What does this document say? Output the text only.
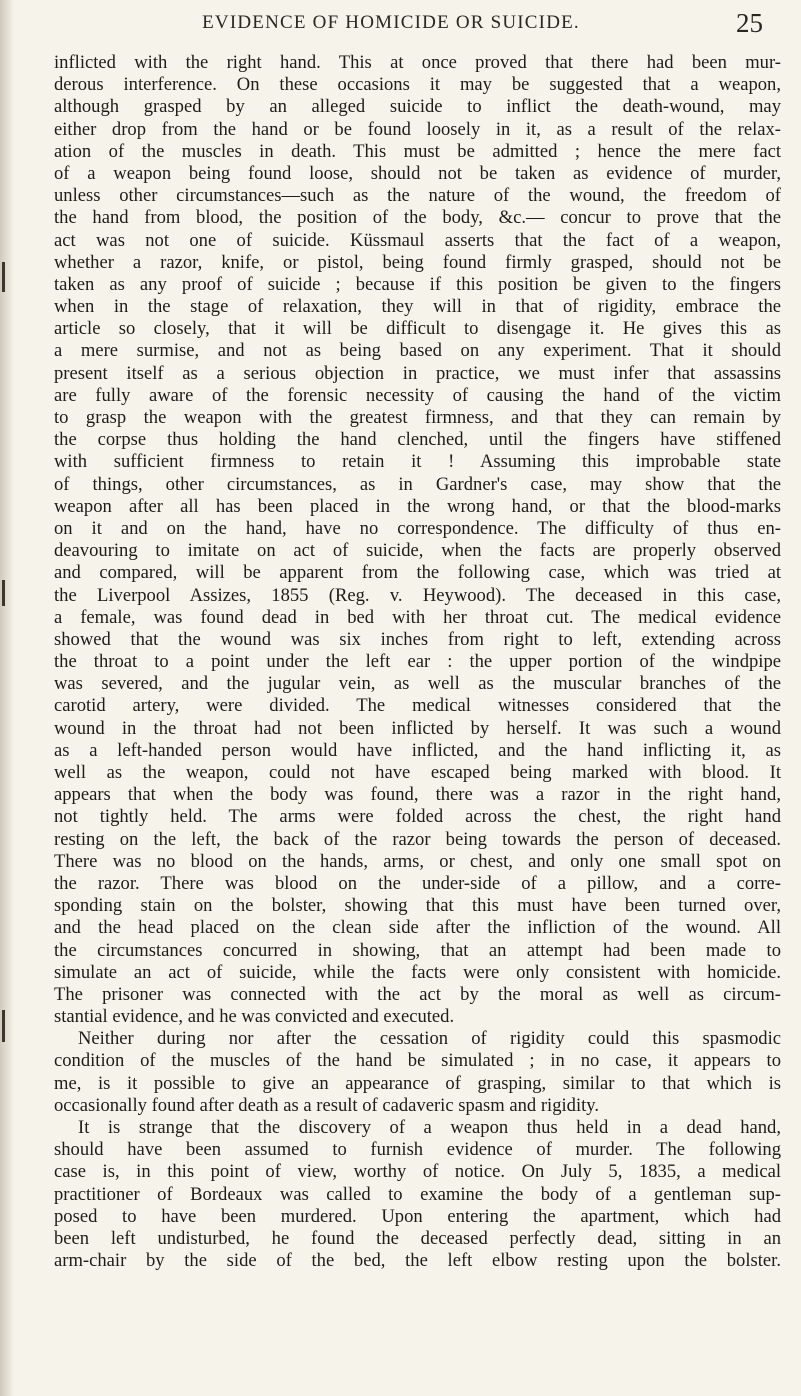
EVIDENCE OF HOMICIDE OR SUICIDE.	25
inflicted with the right hand. This at once proved that there had been mur-
derous interference. On these occasions it may be suggested that a weapon,
although grasped by an alleged suicide to inflict the death-wound, may
either drop from the hand or be found loosely in it, as a result of the relax-
ation of the muscles in death. This must be admitted ; hence the mere fact
of a weapon being found loose, should not be taken as evidence of murder,
unless other circumstances—such as the nature of the wound, the freedom of
the hand from blood, the position of the body, &c.— concur to prove that the
act was not one of suicide. Küssmaul asserts that the fact of a weapon,
whether a razor, knife, or pistol, being found firmly grasped, should not be
taken as any proof of suicide ; because if this position be given to the fingers
when in the stage of relaxation, they will in that of rigidity, embrace the
article so closely, that it will be difficult to disengage it. He gives this as
a mere surmise, and not as being based on any experiment. That it should
present itself as a serious objection in practice, we must infer that assassins
are fully aware of the forensic necessity of causing the hand of the victim
to grasp the weapon with the greatest firmness, and that they can remain by
the corpse thus holding the hand clenched, until the fingers have stiffened
with sufficient firmness to retain it ! Assuming this improbable state
of things, other circumstances, as in Gardner's case, may show that the
weapon after all has been placed in the wrong hand, or that the blood-marks
on it and on the hand, have no correspondence. The difficulty of thus en-
deavouring to imitate on act of suicide, when the facts are properly observed
and compared, will be apparent from the following case, which was tried at
the Liverpool Assizes, 1855 (Reg. v. Heywood). The deceased in this case,
a female, was found dead in bed with her throat cut. The medical evidence
showed that the wound was six inches from right to left, extending across
the throat to a point under the left ear : the upper portion of the windpipe
was severed, and the jugular vein, as well as the muscular branches of the
carotid artery, were divided. The medical witnesses considered that the
wound in the throat had not been inflicted by herself. It was such a wound
as a left-handed person would have inflicted, and the hand inflicting it, as
well as the weapon, could not have escaped being marked with blood. It
appears that when the body was found, there was a razor in the right hand,
not tightly held. The arms were folded across the chest, the right hand
resting on the left, the back of the razor being towards the person of deceased.
There was no blood on the hands, arms, or chest, and only one small spot on
the razor. There was blood on the under-side of a pillow, and a corre-
sponding stain on the bolster, showing that this must have been turned over,
and the head placed on the clean side after the infliction of the wound. All
the circumstances concurred in showing, that an attempt had been made to
simulate an act of suicide, while the facts were only consistent with homicide.
The prisoner was connected with the act by the moral as well as circum-
stantial evidence, and he was convicted and executed.
Neither during nor after the cessation of rigidity could this spasmodic
condition of the muscles of the hand be simulated ; in no case, it appears to
me, is it possible to give an appearance of grasping, similar to that which is
occasionally found after death as a result of cadaveric spasm and rigidity.
It is strange that the discovery of a weapon thus held in a dead hand,
should have been assumed to furnish evidence of murder. The following
case is, in this point of view, worthy of notice. On July 5, 1835, a medical
practitioner of Bordeaux was called to examine the body of a gentleman sup-
posed to have been murdered. Upon entering the apartment, which had
been left undisturbed, he found the deceased perfectly dead, sitting in an
arm-chair by the side of the bed, the left elbow resting upon the bolster.
